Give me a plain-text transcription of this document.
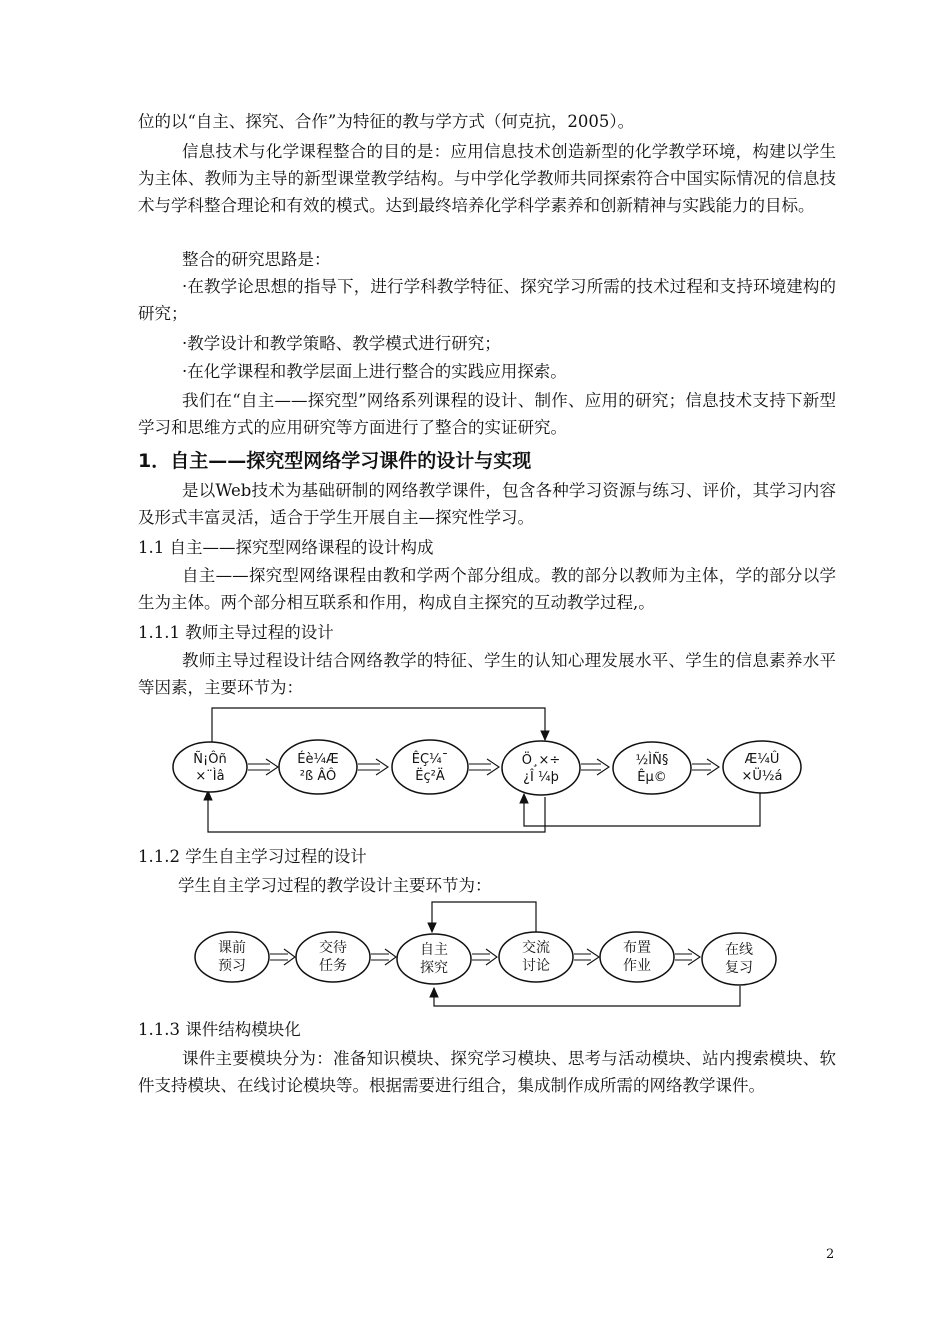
位的以“自主、探究、合作”为特征的教与学方式（何克抗，2005）。

信息技术与化学课程整合的目的是：应用信息技术创造新型的化学教学环境，构建以学生为主体、教师为主导的新型课堂教学结构。与中学化学教师共同探索符合中国实际情况的信息技术与学科整合理论和有效的模式。达到最终培养化学科学素养和创新精神与实践能力的目标。

整合的研究思路是：

·在教学论思想的指导下，进行学科教学特征、探究学习所需的技术过程和支持环境建构的研究；

·教学设计和教学策略、教学模式进行研究；

·在化学课程和教学层面上进行整合的实践应用探索。

我们在“自主——探究型”网络系列课程的设计、制作、应用的研究；信息技术支持下新型学习和思维方式的应用研究等方面进行了整合的实证研究。

1．自主——探究型网络学习课件的设计与实现

是以Web技术为基础研制的网络教学课件，包含各种学习资源与练习、评价，其学习内容及形式丰富灵活，适合于学生开展自主—探究性学习。

1.1 自主——探究型网络课程的设计构成

自主——探究型网络课程由教和学两个部分组成。教的部分以教师为主体，学的部分以学生为主体。两个部分相互联系和作用，构成自主探究的互动教学过程,。

1.1.1 教师主导过程的设计

教师主导过程设计结合网络教学的特征、学生的认知心理发展水平、学生的信息素养水平等因素，主要环节为：

Ñ¡Ôñ
×¨Ìâ
Éè¼Æ
²ß ÂÔ
ÊÇ¼¯
Ëç²Ä
Ö¸×÷
¿Î ¼þ
½ÌÑ§
Êµ©
Æ¼Û
×Ü½á
1.1.2 学生自主学习过程的设计
学生自主学习过程的教学设计主要环节为：
课前
预习
交待
任务
自主
探究
交流
讨论
布置
作业
在线
复习
1.1.3 课件结构模块化

课件主要模块分为：准备知识模块、探究学习模块、思考与活动模块、站内搜索模块、软件支持模块、在线讨论模块等。根据需要进行组合，集成制作成所需的网络教学课件。

2
